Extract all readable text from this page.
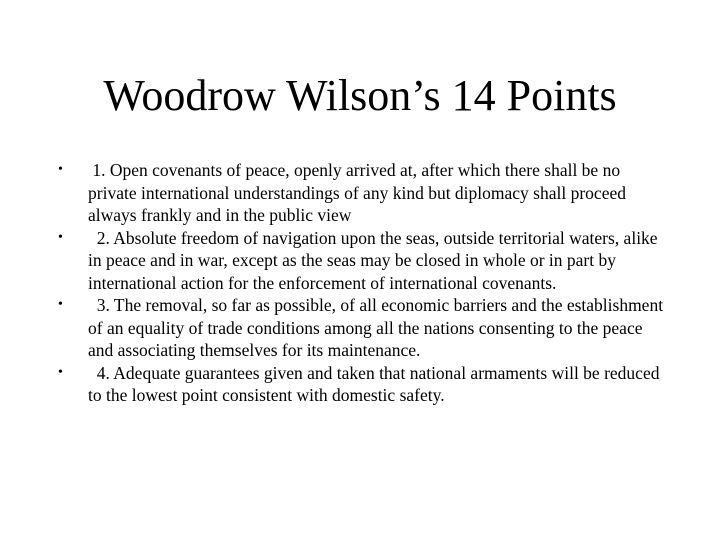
Woodrow Wilson’s 14 Points
•	1. Open covenants of peace, openly arrived at, after which there shall be no private international understandings of any kind but diplomacy shall proceed always frankly and in the public view
•	2. Absolute freedom of navigation upon the seas, outside territorial waters, alike in peace and in war, except as the seas may be closed in whole or in part by international action for the enforcement of international covenants.
•	3. The removal, so far as possible, of all economic barriers and the establishment of an equality of trade conditions among all the nations consenting to the peace and associating themselves for its maintenance.
•	4. Adequate guarantees given and taken that national armaments will be reduced to the lowest point consistent with domestic safety.
